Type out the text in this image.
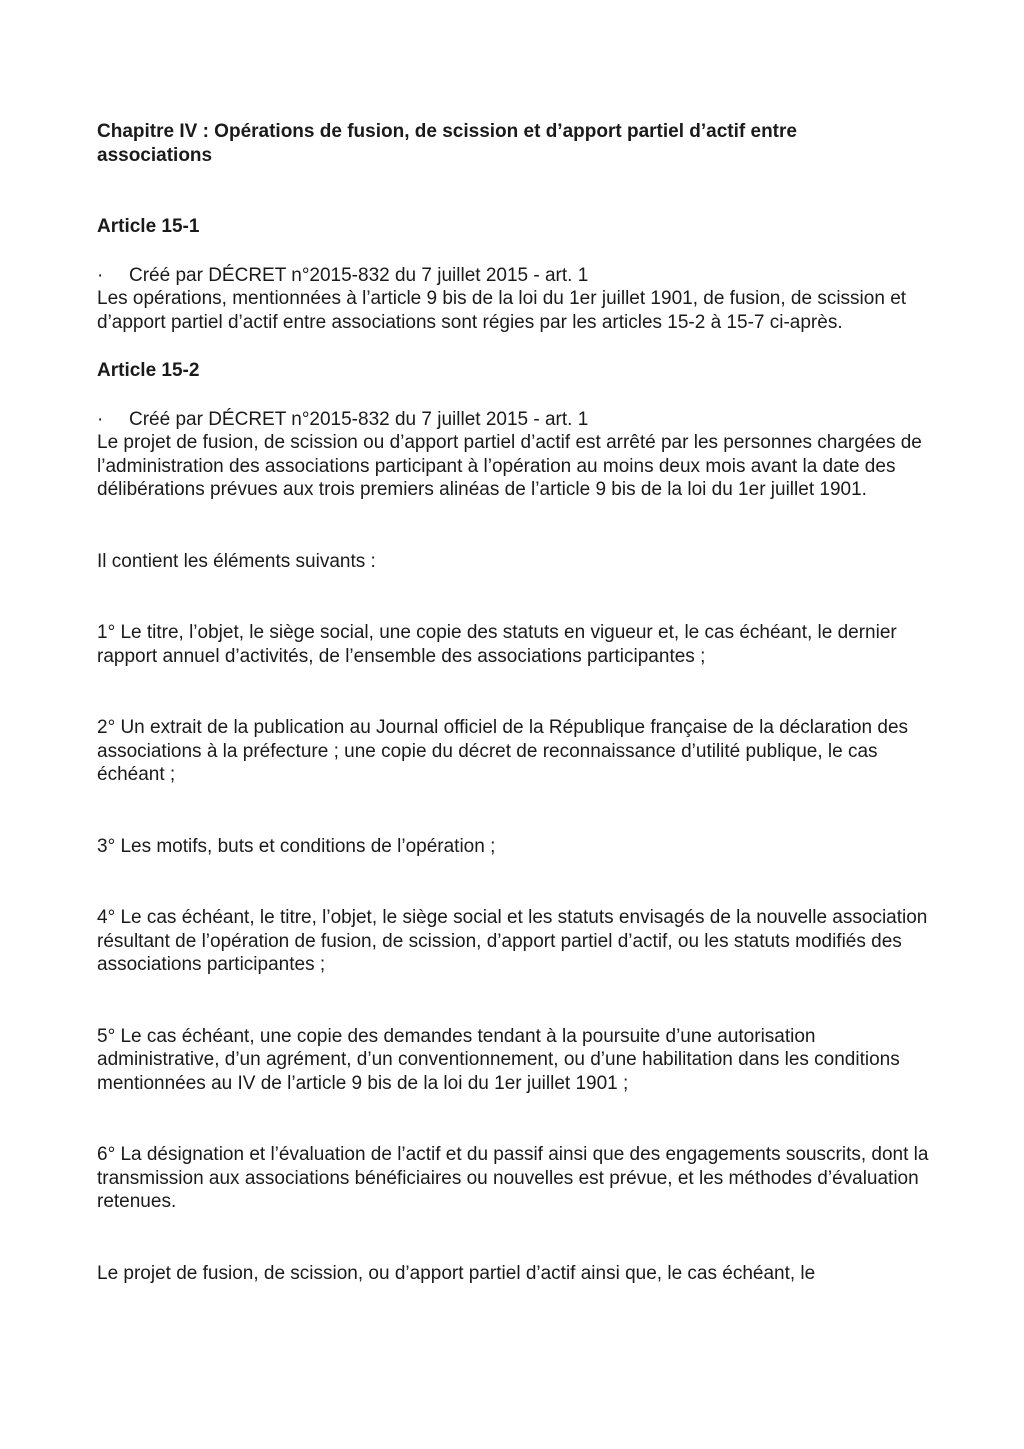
Chapitre IV : Opérations de fusion, de scission et d’apport partiel d’actif entre associations

Article 15-1

· Créé par DÉCRET n°2015-832 du 7 juillet 2015 - art. 1

Les opérations, mentionnées à l’article 9 bis de la loi du 1er juillet 1901, de fusion, de scission et d’apport partiel d’actif entre associations sont régies par les articles 15-2 à 15-7 ci-après.

Article 15-2

· Créé par DÉCRET n°2015-832 du 7 juillet 2015 - art. 1

Le projet de fusion, de scission ou d’apport partiel d’actif est arrêté par les personnes chargées de l’administration des associations participant à l’opération au moins deux mois avant la date des délibérations prévues aux trois premiers alinéas de l’article 9 bis de la loi du 1er juillet 1901.

Il contient les éléments suivants :

1° Le titre, l’objet, le siège social, une copie des statuts en vigueur et, le cas échéant, le dernier rapport annuel d’activités, de l’ensemble des associations participantes ;

2° Un extrait de la publication au Journal officiel de la République française de la déclaration des associations à la préfecture ; une copie du décret de reconnaissance d’utilité publique, le cas échéant ;

3° Les motifs, buts et conditions de l’opération ;

4° Le cas échéant, le titre, l’objet, le siège social et les statuts envisagés de la nouvelle association résultant de l’opération de fusion, de scission, d’apport partiel d’actif, ou les statuts modifiés des associations participantes ;

5° Le cas échéant, une copie des demandes tendant à la poursuite d’une autorisation administrative, d’un agrément, d’un conventionnement, ou d’une habilitation dans les conditions mentionnées au IV de l’article 9 bis de la loi du 1er juillet 1901 ;

6° La désignation et l’évaluation de l’actif et du passif ainsi que des engagements souscrits, dont la transmission aux associations bénéficiaires ou nouvelles est prévue, et les méthodes d’évaluation retenues.

Le projet de fusion, de scission, ou d’apport partiel d’actif ainsi que, le cas échéant, le
